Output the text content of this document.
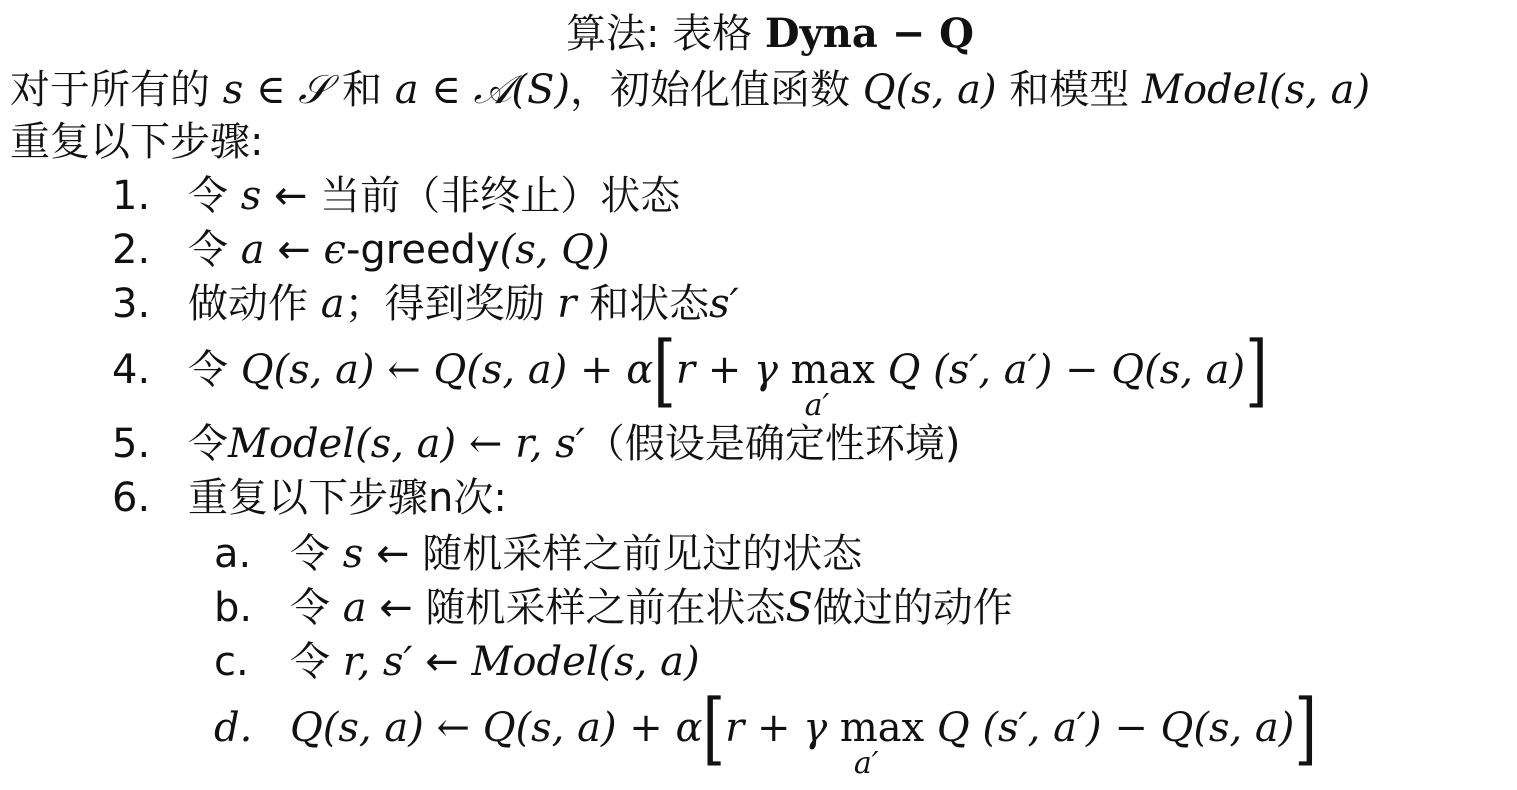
算法: 表格 Dyna − Q
对于所有的 s ∈ 𝒮 和 a ∈ 𝒜(S)，初始化值函数 Q(s, a) 和模型 Model(s, a)
重复以下步骤:
1. 令 s ← 当前（非终止）状态
2. 令 a ← ϵ-greedy(s, Q)
3. 做动作 a；得到奖励 r 和状态s′
4. 令 Q(s, a) ← Q(s, a) + α[r + γ max
a′
Q (s′, a′) − Q(s, a)]
5. 令Model(s, a) ← r, s′（假设是确定性环境)
6. 重复以下步骤n次:
a. 令 s ← 随机采样之前见过的状态
b. 令 a ← 随机采样之前在状态S做过的动作
c. 令 r, s′ ← Model(s, a)
d. Q(s, a) ← Q(s, a) + α[r + γ max
a′
Q (s′, a′) − Q(s, a)]
